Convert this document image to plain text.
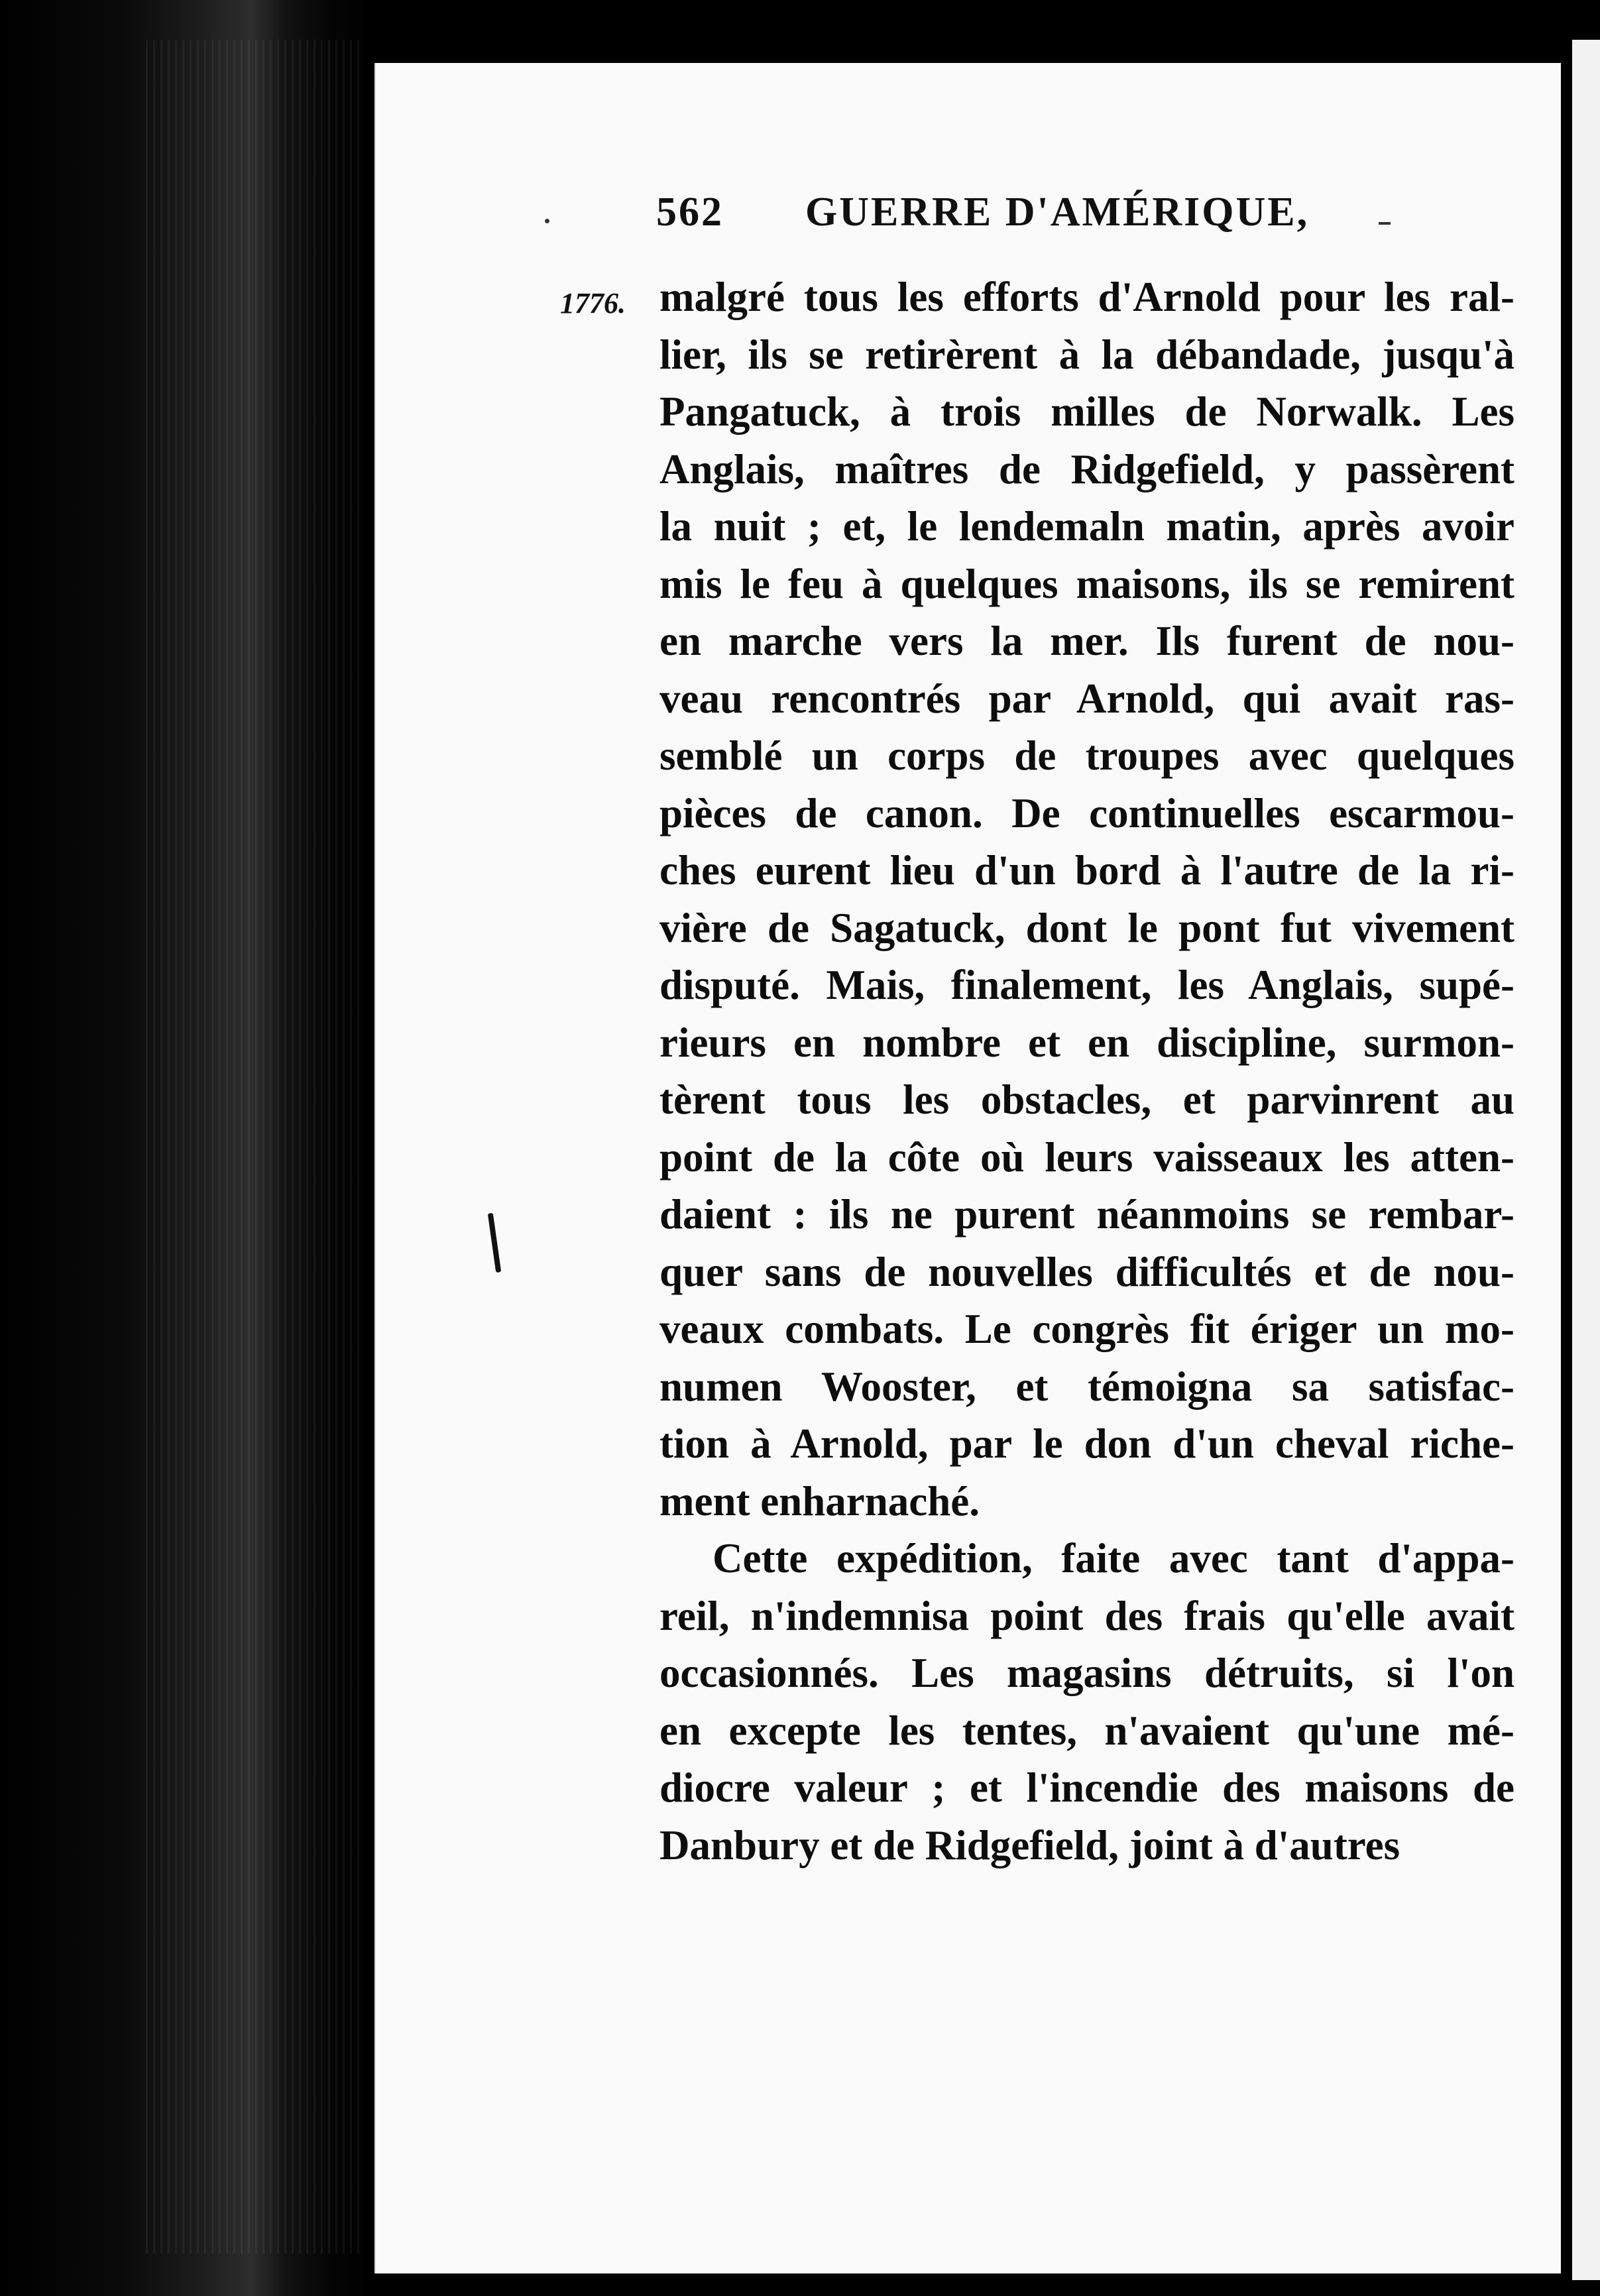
562 GUERRE D'AMÉRIQUE,
1776. malgré tous les efforts d'Arnold pour les ral-
lier, ils se retirèrent à la débandade, jusqu'à
Pangatuck, à trois milles de Norwalk. Les
Anglais, maîtres de Ridgefield, y passèrent
la nuit ; et, le lendemaln matin, après avoir
mis le feu à quelques maisons, ils se remirent
en marche vers la mer. Ils furent de nou-
veau rencontrés par Arnold, qui avait ras-
semblé un corps de troupes avec quelques
pièces de canon. De continuelles escarmou-
ches eurent lieu d'un bord à l'autre de la ri-
vière de Sagatuck, dont le pont fut vivement
disputé. Mais, finalement, les Anglais, supé-
rieurs en nombre et en discipline, surmon-
tèrent tous les obstacles, et parvinrent au
point de la côte où leurs vaisseaux les atten-
daient : ils ne purent néanmoins se rembar-
quer sans de nouvelles difficultés et de nou-
veaux combats. Le congrès fit ériger un mo-
numen Wooster, et témoigna sa satisfac-
tion à Arnold, par le don d'un cheval riche-
ment enharnaché.
Cette expédition, faite avec tant d'appa-
reil, n'indemnisa point des frais qu'elle avait
occasionnés. Les magasins détruits, si l'on
en excepte les tentes, n'avaient qu'une mé-
diocre valeur ; et l'incendie des maisons de
Danbury et de Ridgefield, joint à d'autres
